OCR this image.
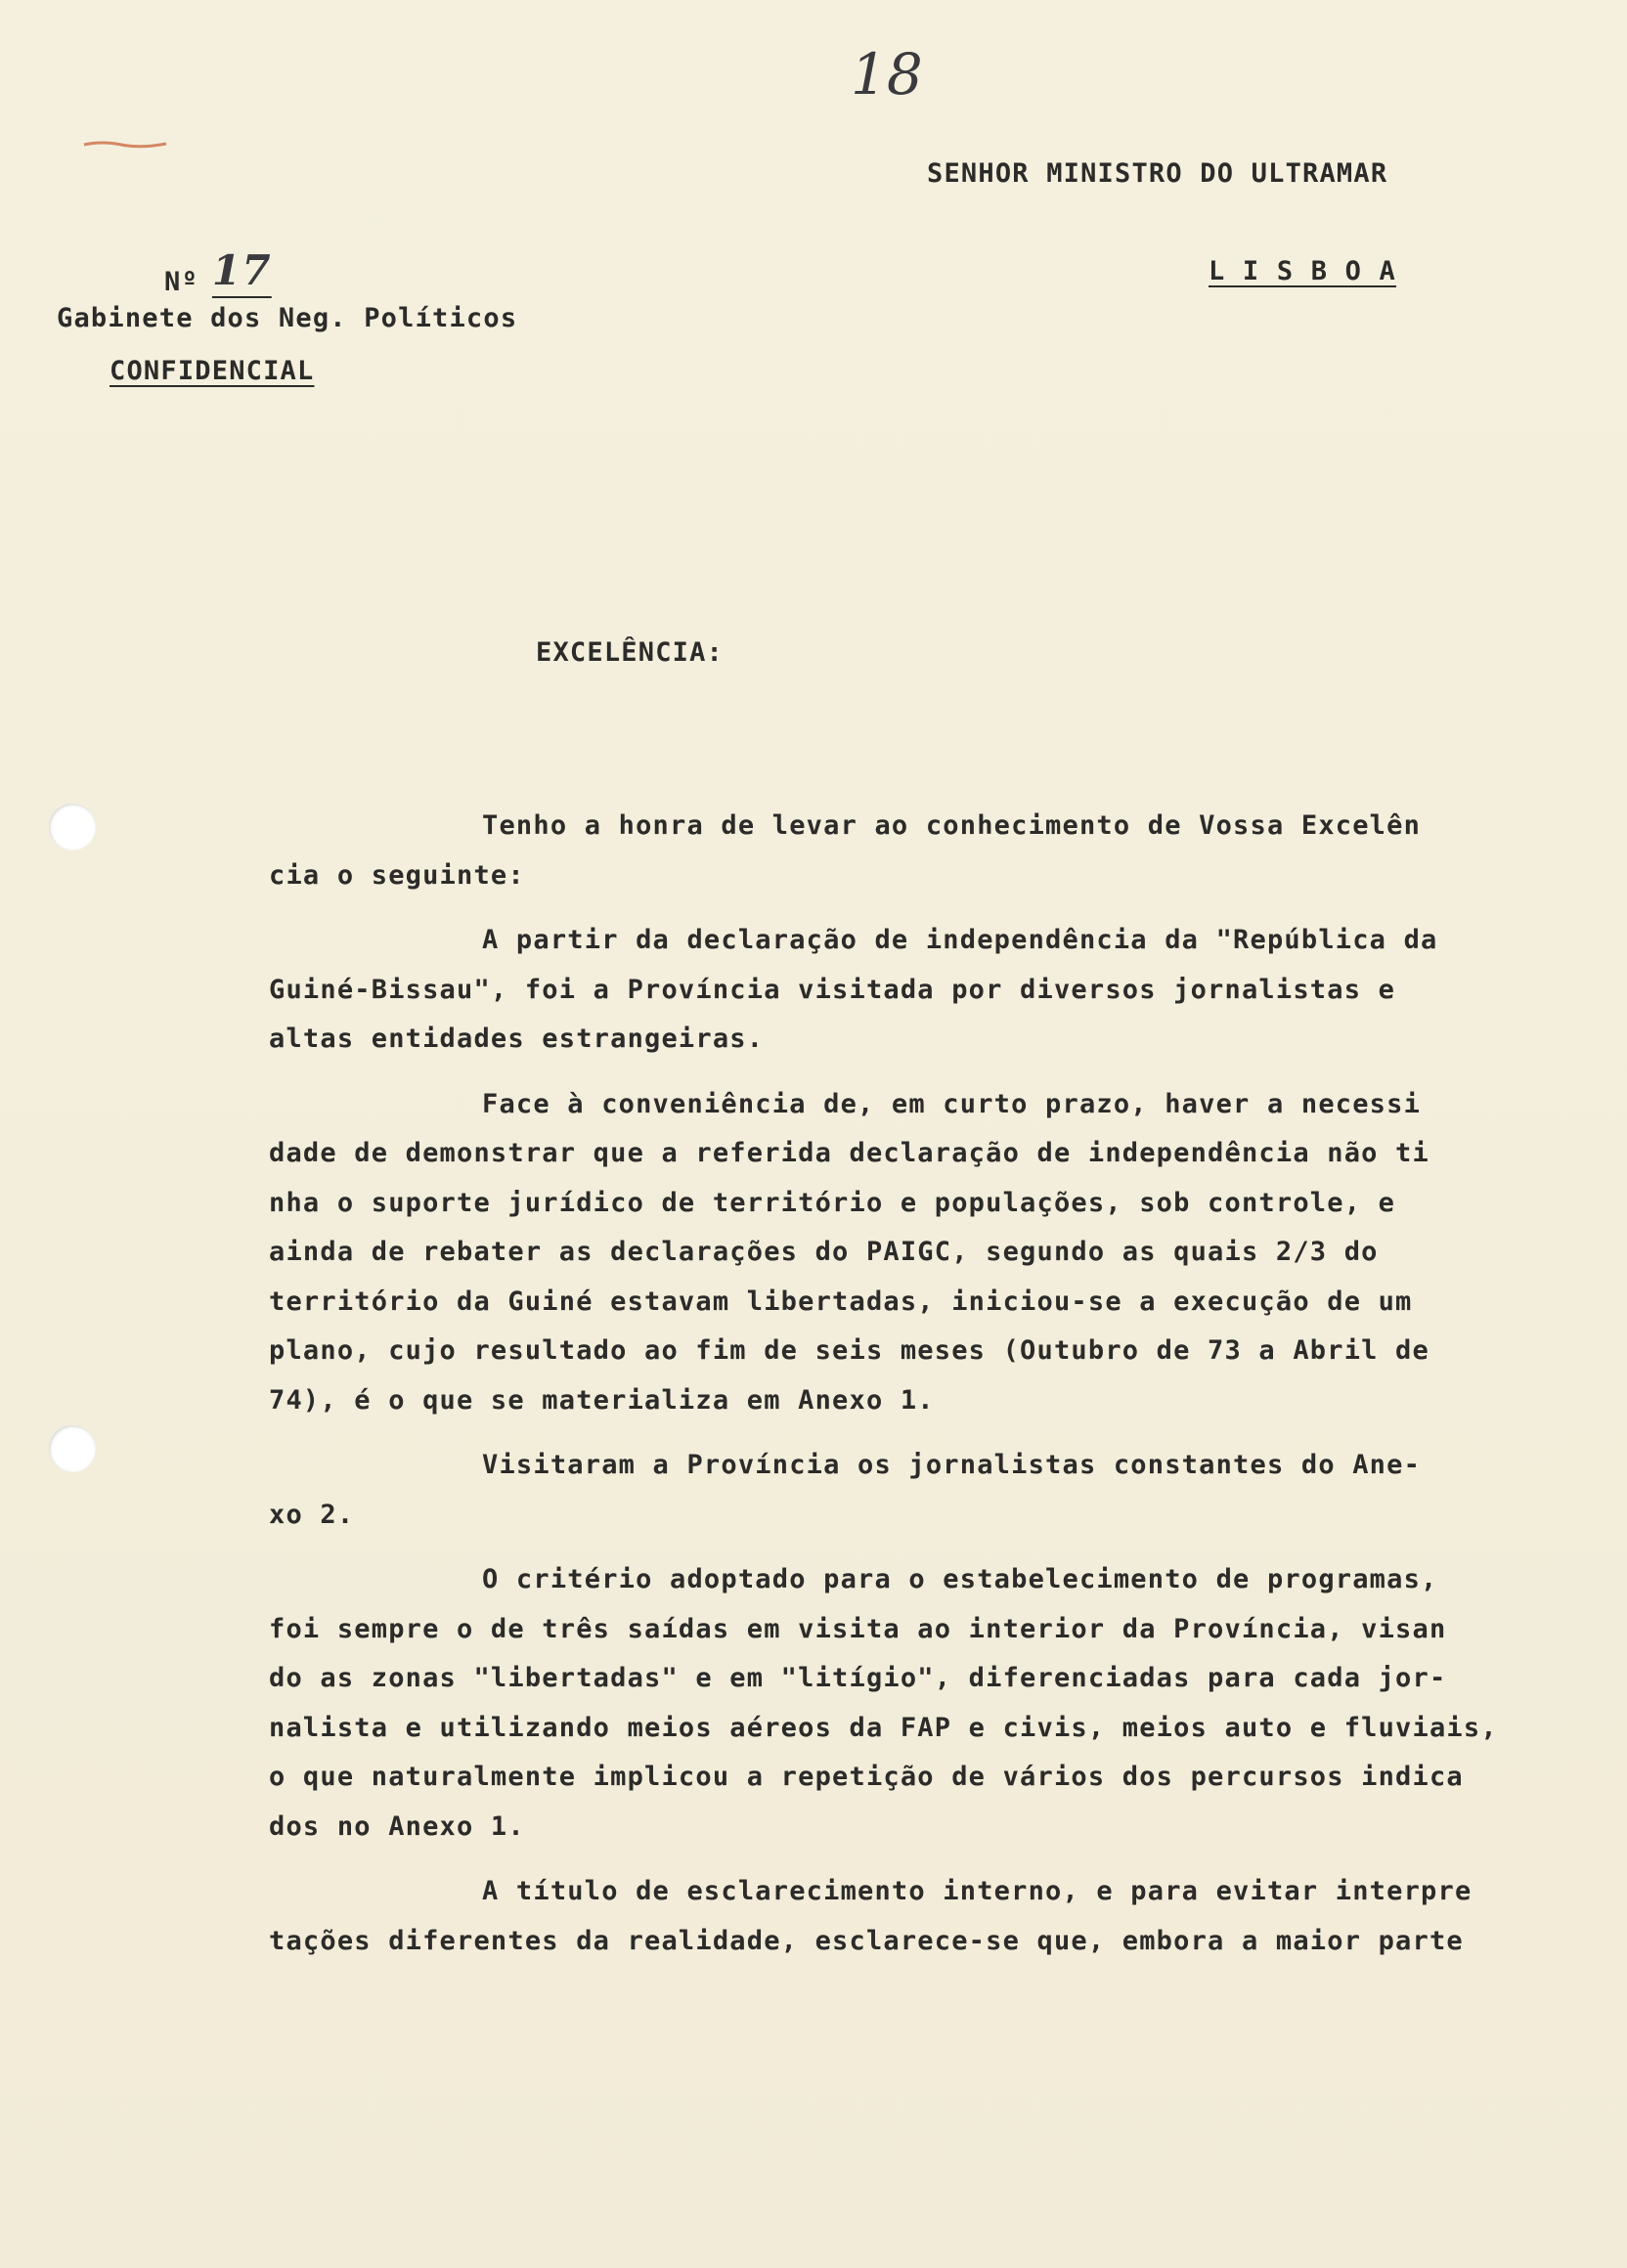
18
SENHOR MINISTRO DO ULTRAMAR
L I S B O A
Nº 17
Gabinete dos Neg. Políticos
CONFIDENCIAL
EXCELÊNCIA:
Tenho a honra de levar ao conhecimento de Vossa Excelên
cia o seguinte:
A partir da declaração de independência da "República da
Guiné-Bissau", foi a Província visitada por diversos jornalistas e
altas entidades estrangeiras.
Face à conveniência de, em curto prazo, haver a necessi
dade de demonstrar que a referida declaração de independência não ti
nha o suporte jurídico de território e populações, sob controle, e
ainda de rebater as declarações do PAIGC, segundo as quais 2/3 do
território da Guiné estavam libertadas, iniciou-se a execução de um
plano, cujo resultado ao fim de seis meses (Outubro de 73 a Abril de
74), é o que se materializa em Anexo 1.
Visitaram a Província os jornalistas constantes do Ane-
xo 2.
O critério adoptado para o estabelecimento de programas,
foi sempre o de três saídas em visita ao interior da Província, visan
do as zonas "libertadas" e em "litígio", diferenciadas para cada jor-
nalista e utilizando meios aéreos da FAP e civis, meios auto e fluviais,
o que naturalmente implicou a repetição de vários dos percursos indica
dos no Anexo 1.
A título de esclarecimento interno, e para evitar interpre
tações diferentes da realidade, esclarece-se que, embora a maior parte
